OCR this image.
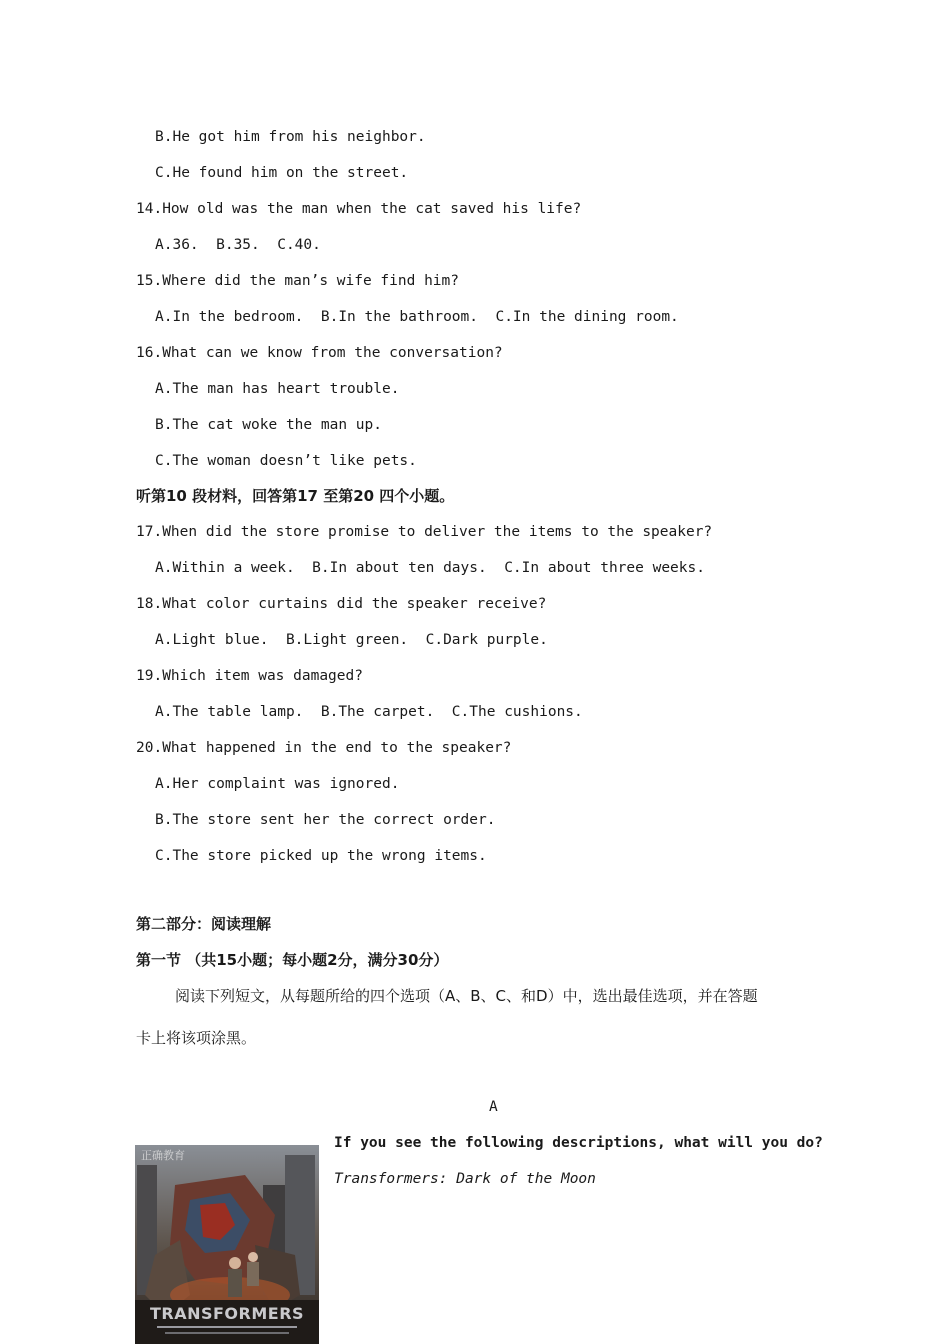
B.He got him from his neighbor.
C.He found him on the street.
14.How old was the man when the cat saved his life?
A.36.  B.35.  C.40.
15.Where did the man’s wife find him?
A.In the bedroom.  B.In the bathroom.  C.In the dining room.
16.What can we know from the conversation?
A.The man has heart trouble.
B.The cat woke the man up.
C.The woman doesn’t like pets.
听第10 段材料，回答第17 至第20 四个小题。
17.When did the store promise to deliver the items to the speaker?
A.Within a week.  B.In about ten days.  C.In about three weeks.
18.What color curtains did the speaker receive?
A.Light blue.  B.Light green.  C.Dark purple.
19.Which item was damaged?
A.The table lamp.  B.The carpet.  C.The cushions.
20.What happened in the end to the speaker?
A.Her complaint was ignored.
B.The store sent her the correct order.
C.The store picked up the wrong items.
第二部分：阅读理解
第一节 （共15小题；每小题2分，满分30分）
阅读下列短文，从每题所给的四个选项（A、B、C、和D）中，选出最佳选项，并在答题
卡上将该项涂黑。
A
TRANSFORMERS
正确教育
If you see the following descriptions, what will you do?
Transformers: Dark of the Moon
